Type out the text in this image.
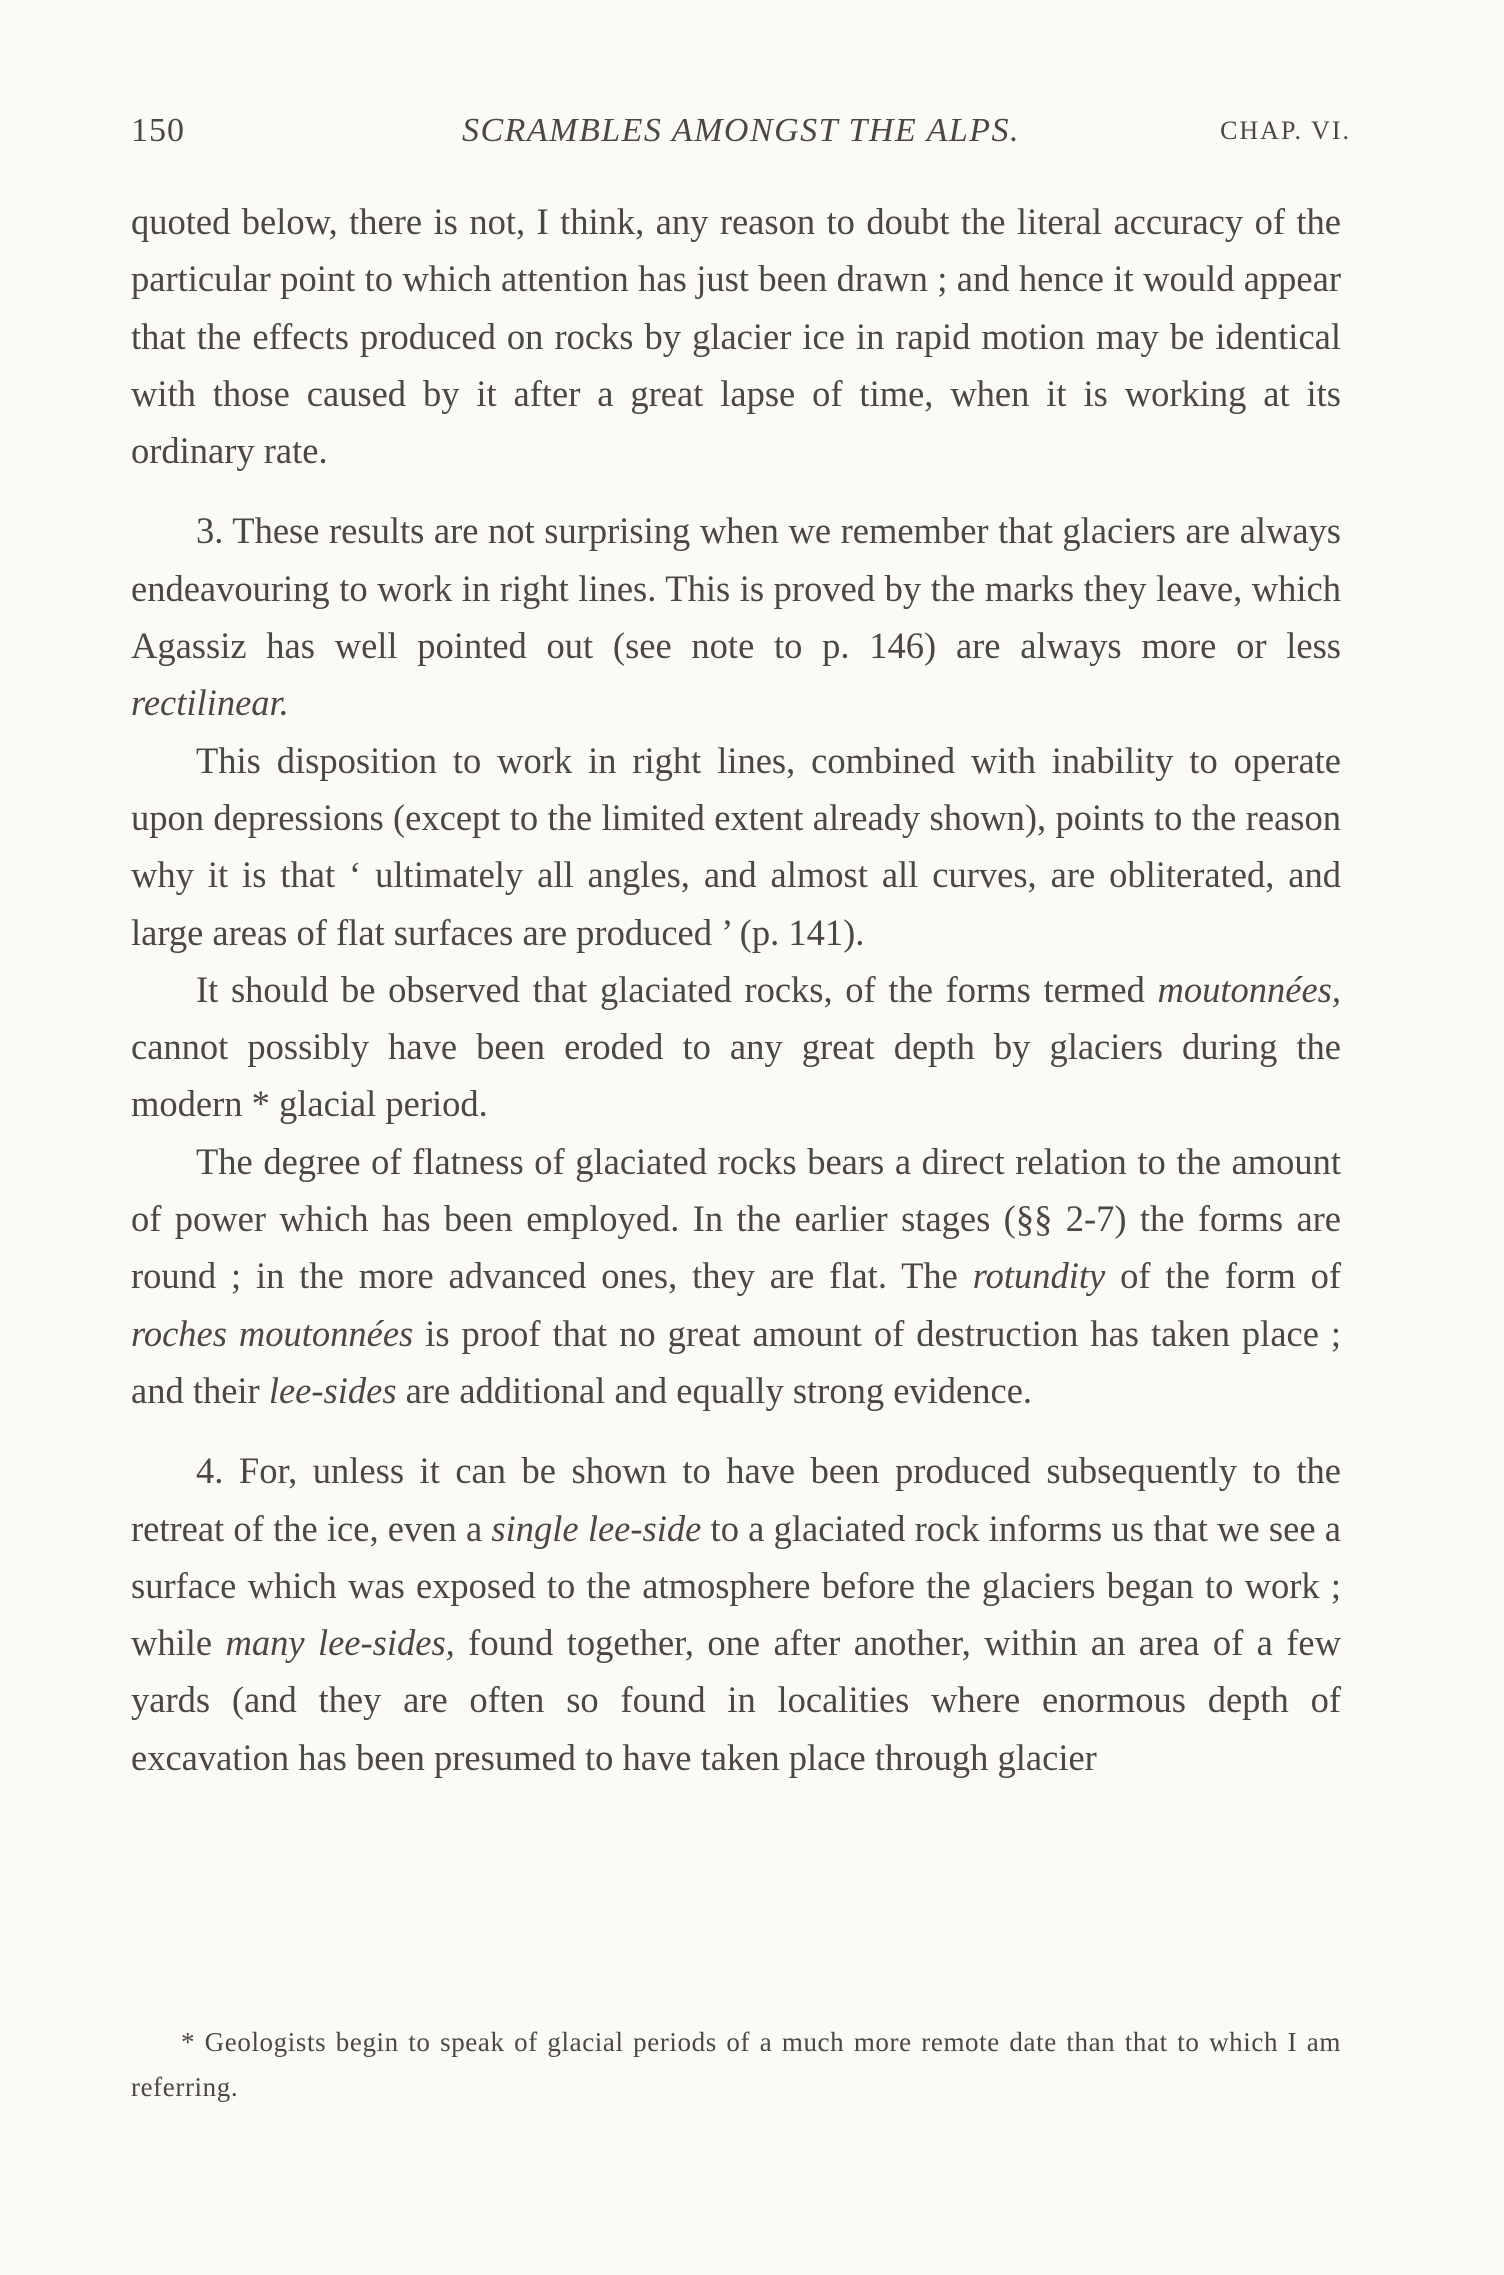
150	SCRAMBLES AMONGST THE ALPS.	CHAP. VI.

quoted below, there is not, I think, any reason to doubt the literal accuracy of the particular point to which attention has just been drawn ; and hence it would appear that the effects produced on rocks by glacier ice in rapid motion may be identical with those caused by it after a great lapse of time, when it is working at its ordinary rate.

3. These results are not surprising when we remember that glaciers are always endeavouring to work in right lines. This is proved by the marks they leave, which Agassiz has well pointed out (see note to p. 146) are always more or less rectilinear.

This disposition to work in right lines, combined with inability to operate upon depressions (except to the limited extent already shown), points to the reason why it is that ‘ ultimately all angles, and almost all curves, are obliterated, and large areas of flat surfaces are produced ’ (p. 141).

It should be observed that glaciated rocks, of the forms termed moutonnées, cannot possibly have been eroded to any great depth by glaciers during the modern * glacial period.

The degree of flatness of glaciated rocks bears a direct relation to the amount of power which has been employed. In the earlier stages (§§ 2-7) the forms are round ; in the more advanced ones, they are flat. The rotundity of the form of roches moutonnées is proof that no great amount of destruction has taken place ; and their lee-sides are additional and equally strong evidence.

4. For, unless it can be shown to have been produced subsequently to the retreat of the ice, even a single lee-side to a glaciated rock informs us that we see a surface which was exposed to the atmosphere before the glaciers began to work ; while many lee-sides, found together, one after another, within an area of a few yards (and they are often so found in localities where enormous depth of excavation has been presumed to have taken place through glacier

* Geologists begin to speak of glacial periods of a much more remote date than that to which I am referring.
